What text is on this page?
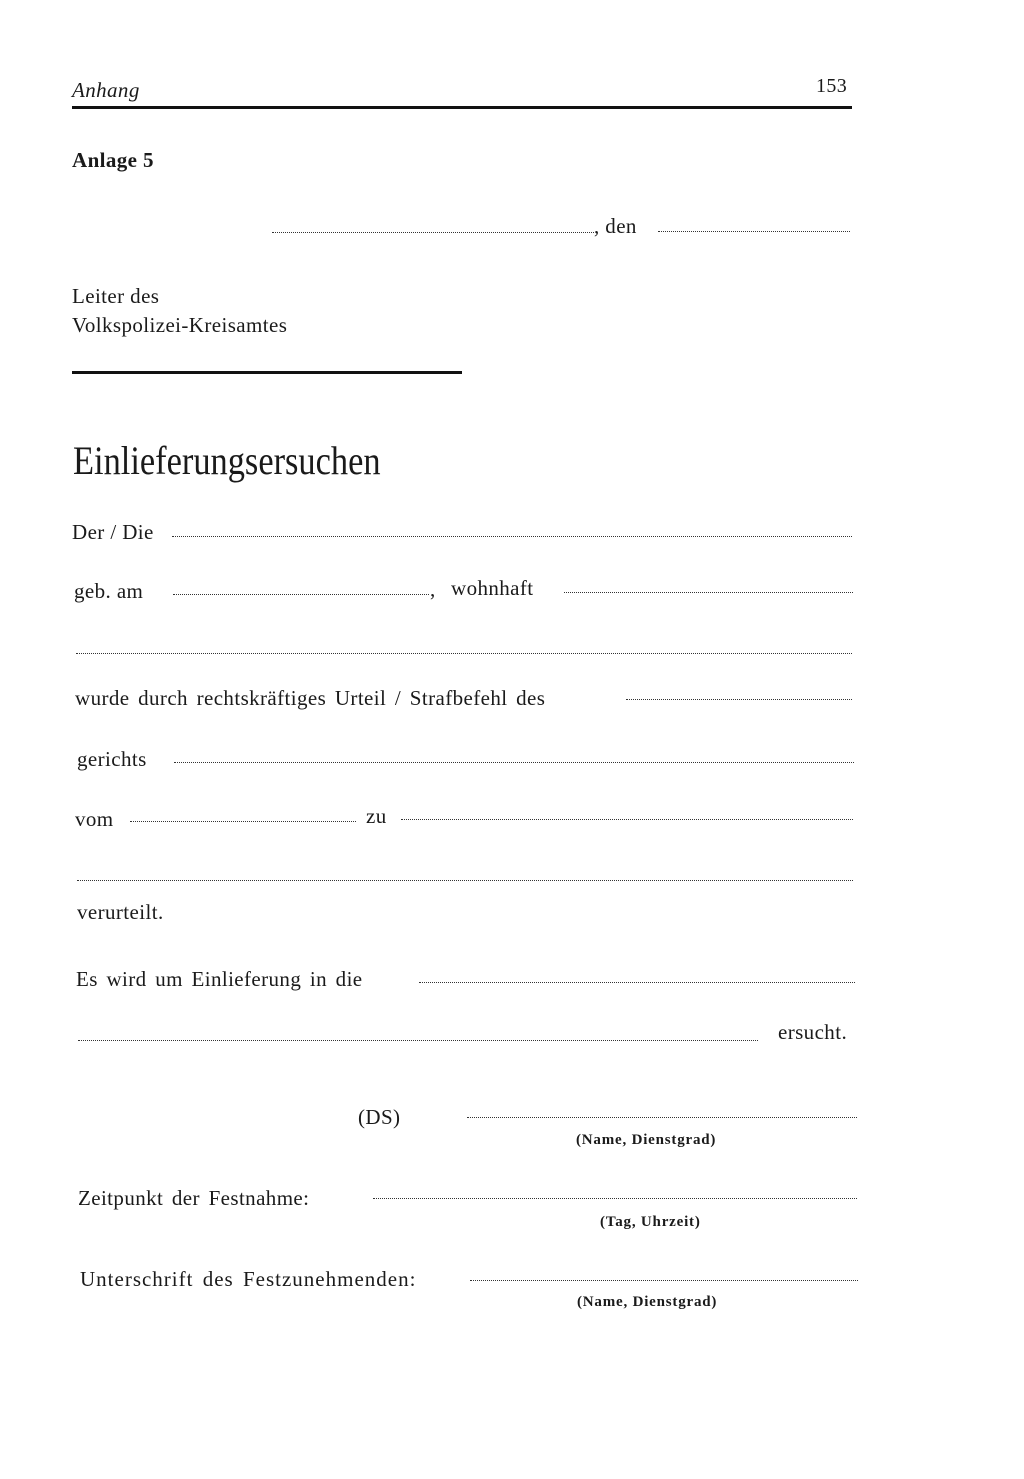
Anhang	153
Anlage 5
, den
Leiter des
Volkspolizei-Kreisamtes
Einlieferungsersuchen
Der / Die
geb. am	, wohnhaft
wurde durch rechtskräftiges Urteil / Strafbefehl des
gerichts
vom	zu
verurteilt.
Es wird um Einlieferung in die
ersucht.
(DS)
(Name, Dienstgrad)
Zeitpunkt der Festnahme:
(Tag, Uhrzeit)
Unterschrift des Festzunehmenden:
(Name, Dienstgrad)
